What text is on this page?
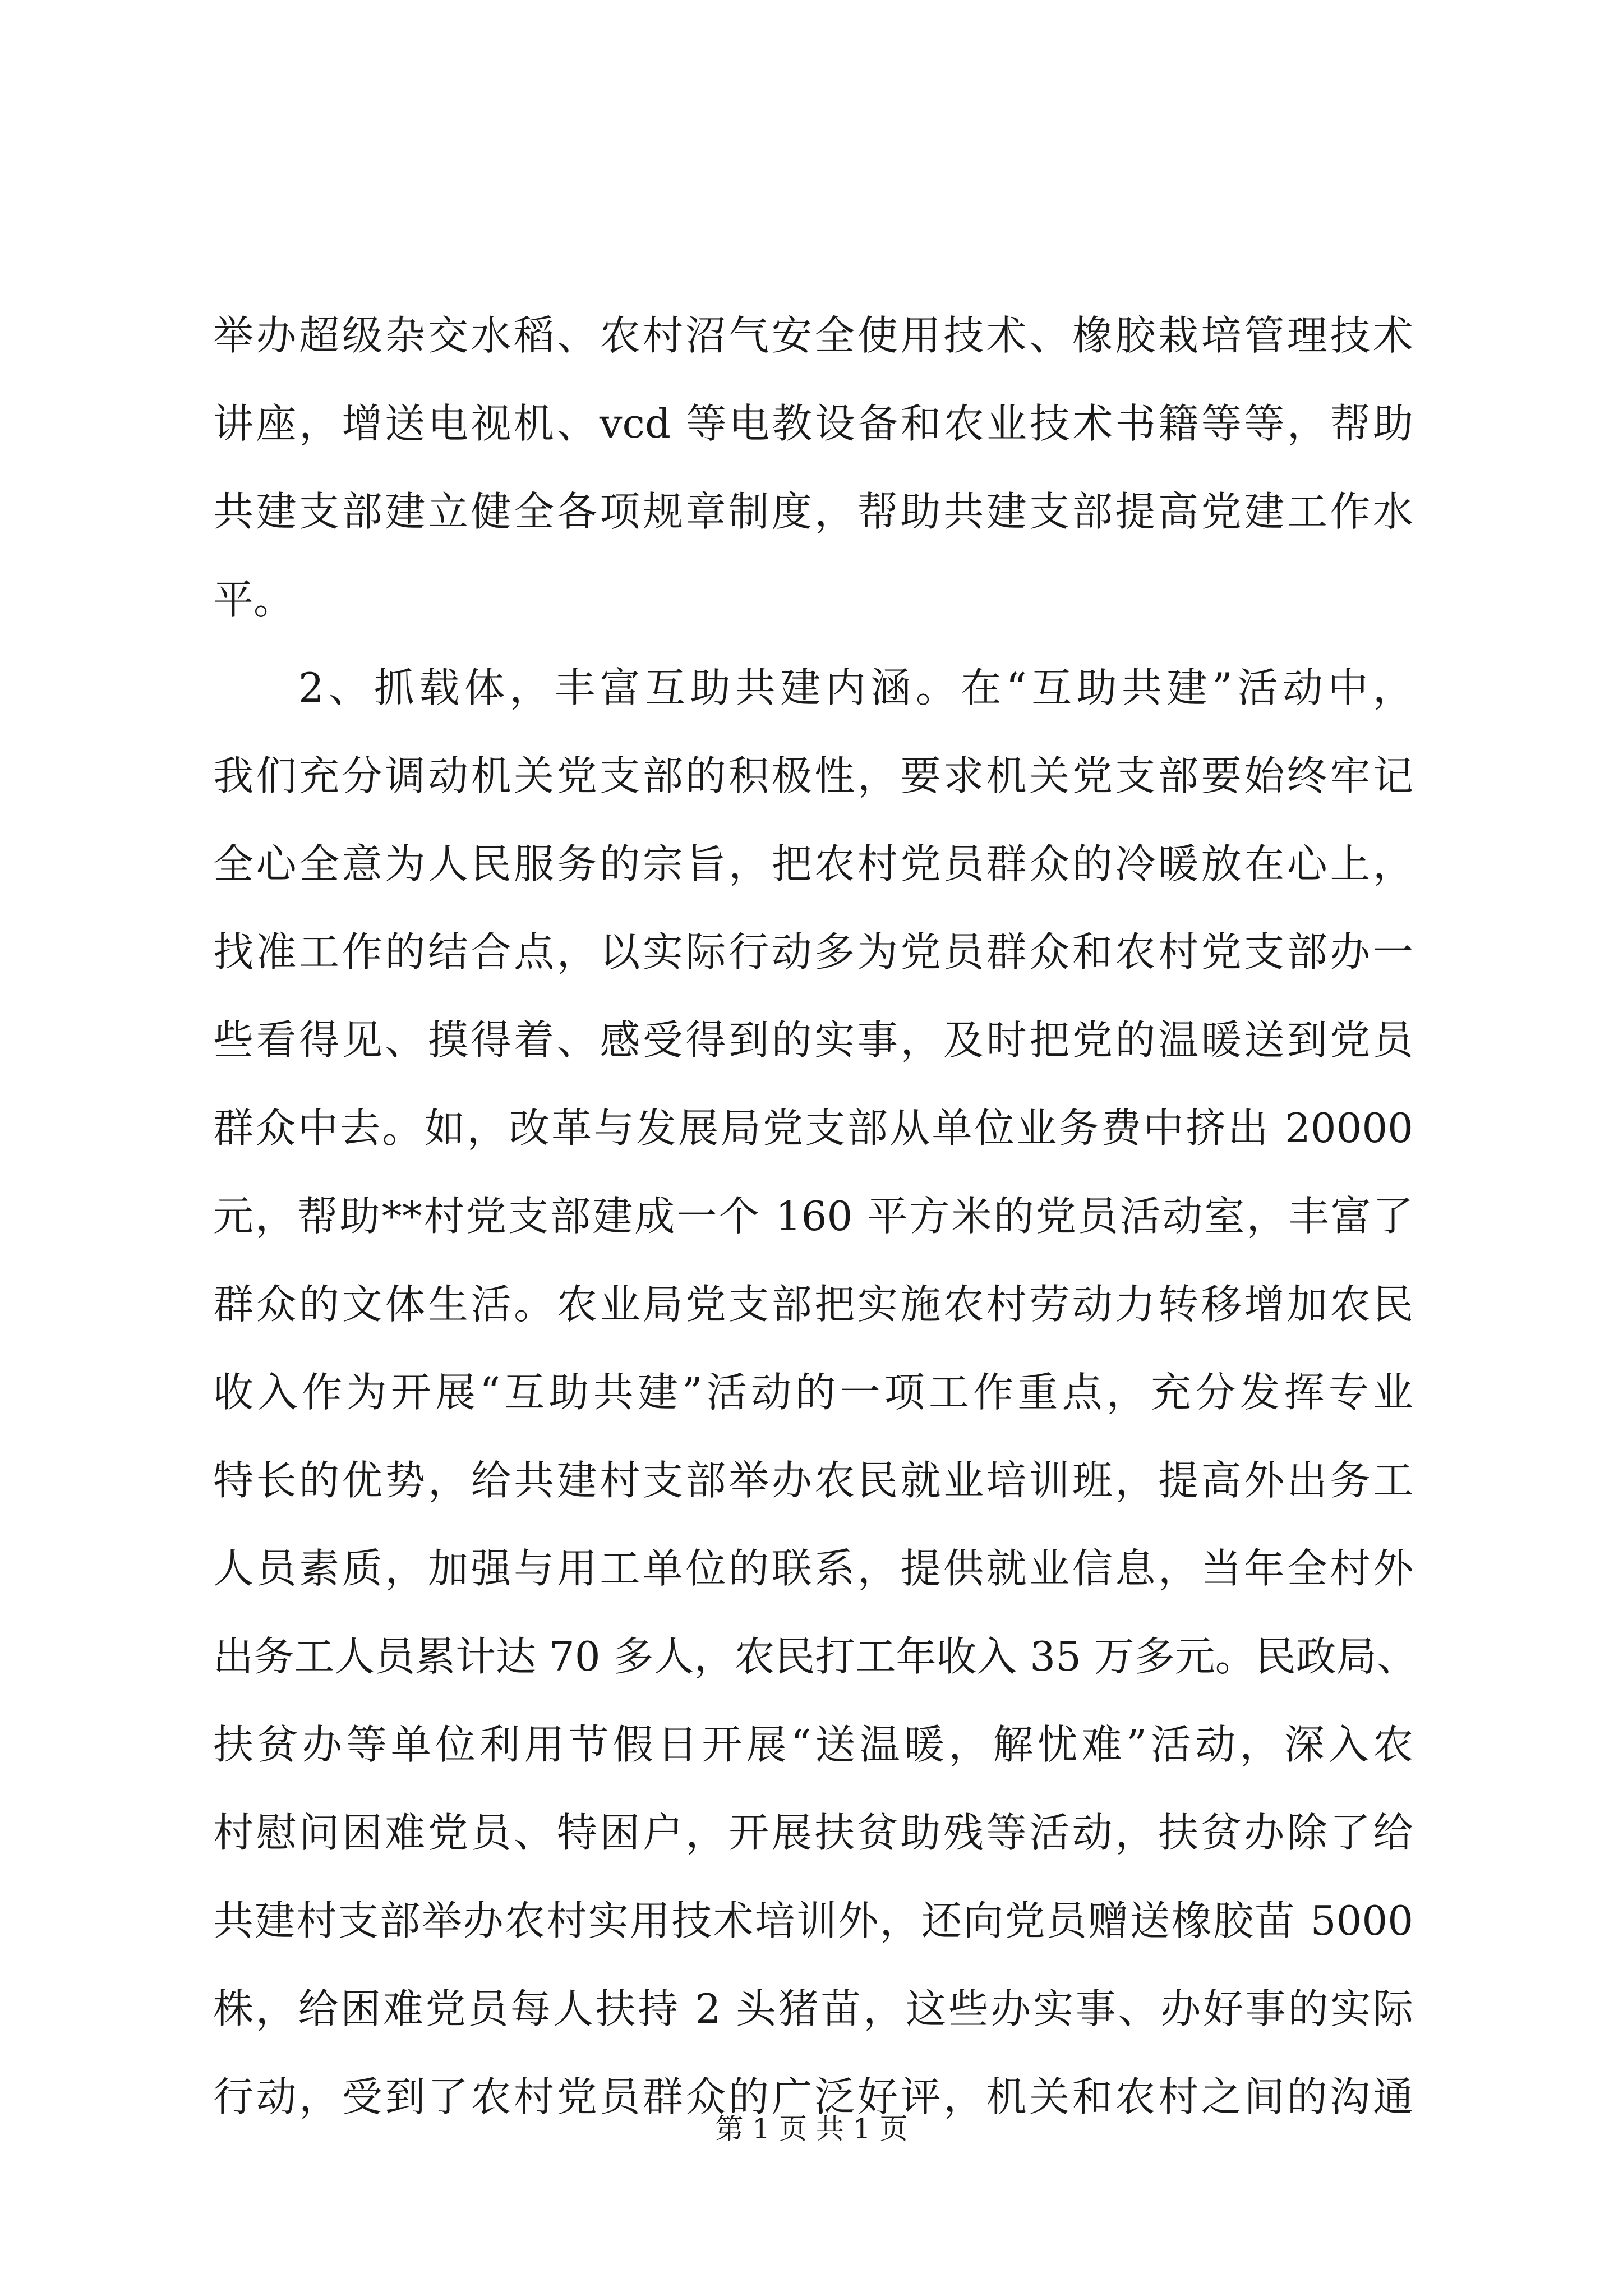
举办超级杂交水稻、农村沼气安全使用技术、橡胶栽培管理技术
讲座，增送电视机、vcd 等电教设备和农业技术书籍等等，帮助
共建支部建立健全各项规章制度，帮助共建支部提高党建工作水
平。
2、抓载体，丰富互助共建内涵。在“互助共建”活动中，
我们充分调动机关党支部的积极性，要求机关党支部要始终牢记
全心全意为人民服务的宗旨，把农村党员群众的冷暖放在心上，
找准工作的结合点，以实际行动多为党员群众和农村党支部办一
些看得见、摸得着、感受得到的实事，及时把党的温暖送到党员
群众中去。如，改革与发展局党支部从单位业务费中挤出 20000
元，帮助**村党支部建成一个 160 平方米的党员活动室，丰富了
群众的文体生活。农业局党支部把实施农村劳动力转移增加农民
收入作为开展“互助共建”活动的一项工作重点，充分发挥专业
特长的优势，给共建村支部举办农民就业培训班，提高外出务工
人员素质，加强与用工单位的联系，提供就业信息，当年全村外
出务工人员累计达 70 多人，农民打工年收入 35 万多元。民政局、
扶贫办等单位利用节假日开展“送温暖，解忧难”活动，深入农
村慰问困难党员、特困户，开展扶贫助残等活动，扶贫办除了给
共建村支部举办农村实用技术培训外，还向党员赠送橡胶苗 5000
株，给困难党员每人扶持 2 头猪苗，这些办实事、办好事的实际
行动，受到了农村党员群众的广泛好评，机关和农村之间的沟通
第 1 页 共 1 页
